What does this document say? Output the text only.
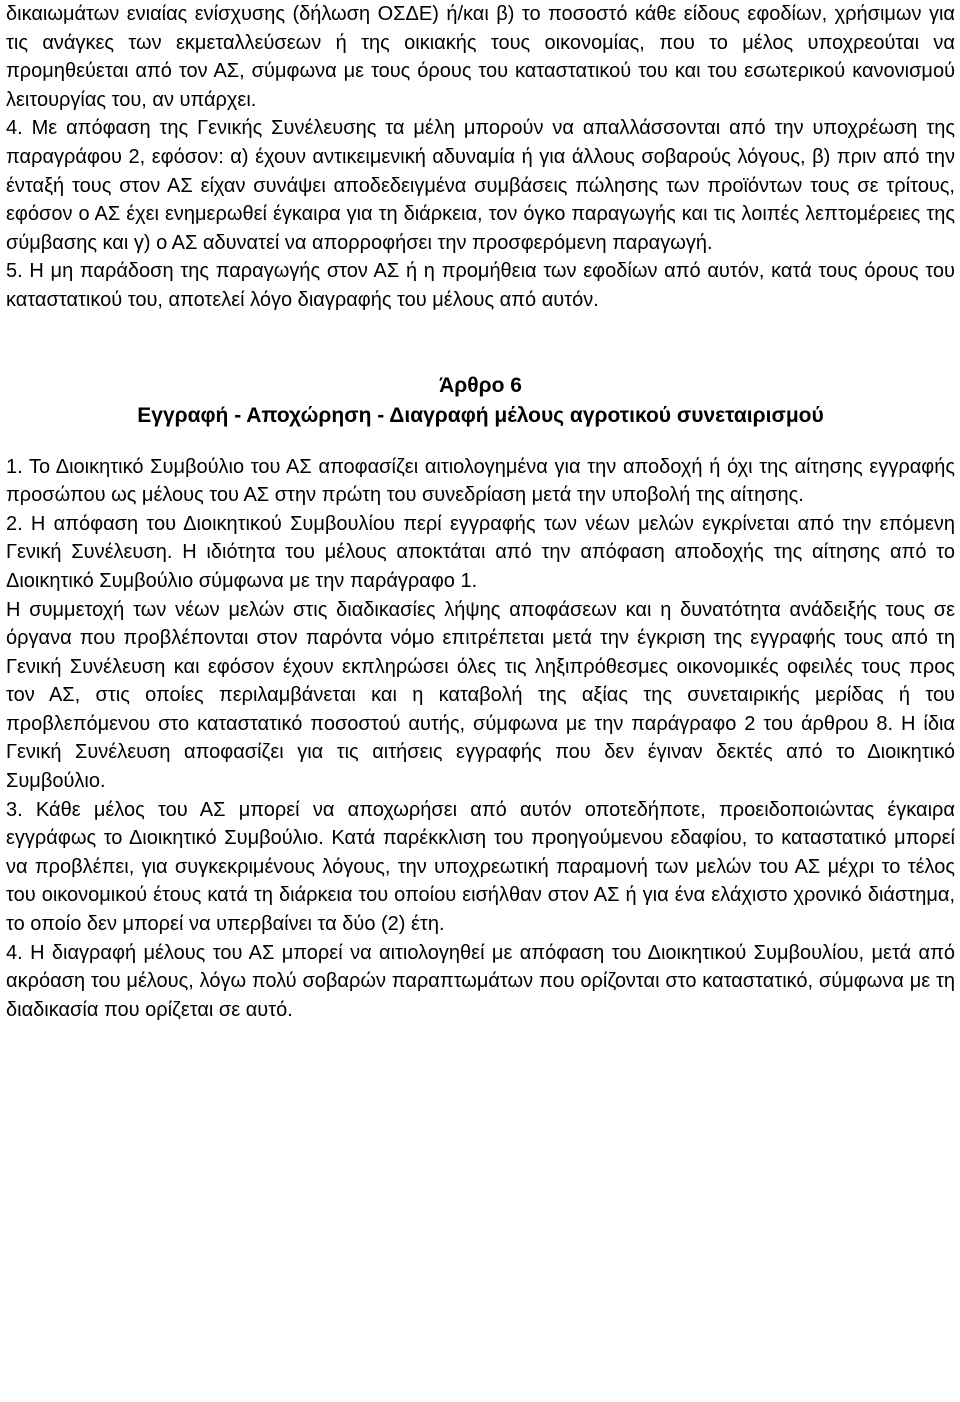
δικαιωμάτων ενιαίας ενίσχυσης (δήλωση ΟΣΔΕ) ή/και β) το ποσοστό κάθε είδους εφοδίων, χρήσιμων για τις ανάγκες των εκμεταλλεύσεων ή της οικιακής τους οικονομίας, που το μέλος υποχρεούται να προμηθεύεται από τον ΑΣ, σύμφωνα με τους όρους του καταστατικού του και του εσωτερικού κανονισμού λειτουργίας του, αν υπάρχει.

4. Με απόφαση της Γενικής Συνέλευσης τα μέλη μπορούν να απαλλάσσονται από την υποχρέωση της παραγράφου 2, εφόσον: α) έχουν αντικειμενική αδυναμία ή για άλλους σοβαρούς λόγους, β) πριν από την ένταξή τους στον ΑΣ είχαν συνάψει αποδεδειγμένα συμβάσεις πώλησης των προϊόντων τους σε τρίτους, εφόσον ο ΑΣ έχει ενημερωθεί έγκαιρα για τη διάρκεια, τον όγκο παραγωγής και τις λοιπές λεπτομέρειες της σύμβασης και γ) ο ΑΣ αδυνατεί να απορροφήσει την προσφερόμενη παραγωγή.

5. Η μη παράδοση της παραγωγής στον ΑΣ ή η προμήθεια των εφοδίων από αυτόν, κατά τους όρους του καταστατικού του, αποτελεί λόγο διαγραφής του μέλους από αυτόν.

Άρθρο 6
Εγγραφή - Αποχώρηση - Διαγραφή μέλους αγροτικού συνεταιρισμού

1. Το Διοικητικό Συμβούλιο του ΑΣ αποφασίζει αιτιολογημένα για την αποδοχή ή όχι της αίτησης εγγραφής προσώπου ως μέλους του ΑΣ στην πρώτη του συνεδρίαση μετά την υποβολή της αίτησης.

2. Η απόφαση του Διοικητικού Συμβουλίου περί εγγραφής των νέων μελών εγκρίνεται από την επόμενη Γενική Συνέλευση. Η ιδιότητα του μέλους αποκτάται από την απόφαση αποδοχής της αίτησης από το Διοικητικό Συμβούλιο σύμφωνα με την παράγραφο 1.

Η συμμετοχή των νέων μελών στις διαδικασίες λήψης αποφάσεων και η δυνατότητα ανάδειξής τους σε όργανα που προβλέπονται στον παρόντα νόμο επιτρέπεται μετά την έγκριση της εγγραφής τους από τη Γενική Συνέλευση και εφόσον έχουν εκπληρώσει όλες τις ληξιπρόθεσμες οικονομικές οφειλές τους προς τον ΑΣ, στις οποίες περιλαμβάνεται και η καταβολή της αξίας της συνεταιρικής μερίδας ή του προβλεπόμενου στο καταστατικό ποσοστού αυτής, σύμφωνα με την παράγραφο 2 του άρθρου 8. Η ίδια Γενική Συνέλευση αποφασίζει για τις αιτήσεις εγγραφής που δεν έγιναν δεκτές από το Διοικητικό Συμβούλιο.

3. Κάθε μέλος του ΑΣ μπορεί να αποχωρήσει από αυτόν οποτεδήποτε, προειδοποιώντας έγκαιρα εγγράφως το Διοικητικό Συμβούλιο. Κατά παρέκκλιση του προηγούμενου εδαφίου, το καταστατικό μπορεί να προβλέπει, για συγκεκριμένους λόγους, την υποχρεωτική παραμονή των μελών του ΑΣ μέχρι το τέλος του οικονομικού έτους κατά τη διάρκεια του οποίου εισήλθαν στον ΑΣ ή για ένα ελάχιστο χρονικό διάστημα, το οποίο δεν μπορεί να υπερβαίνει τα δύο (2) έτη.

4. Η διαγραφή μέλους του ΑΣ μπορεί να αιτιολογηθεί με απόφαση του Διοικητικού Συμβουλίου, μετά από ακρόαση του μέλους, λόγω πολύ σοβαρών παραπτωμάτων που ορίζονται στο καταστατικό, σύμφωνα με τη διαδικασία που ορίζεται σε αυτό.
